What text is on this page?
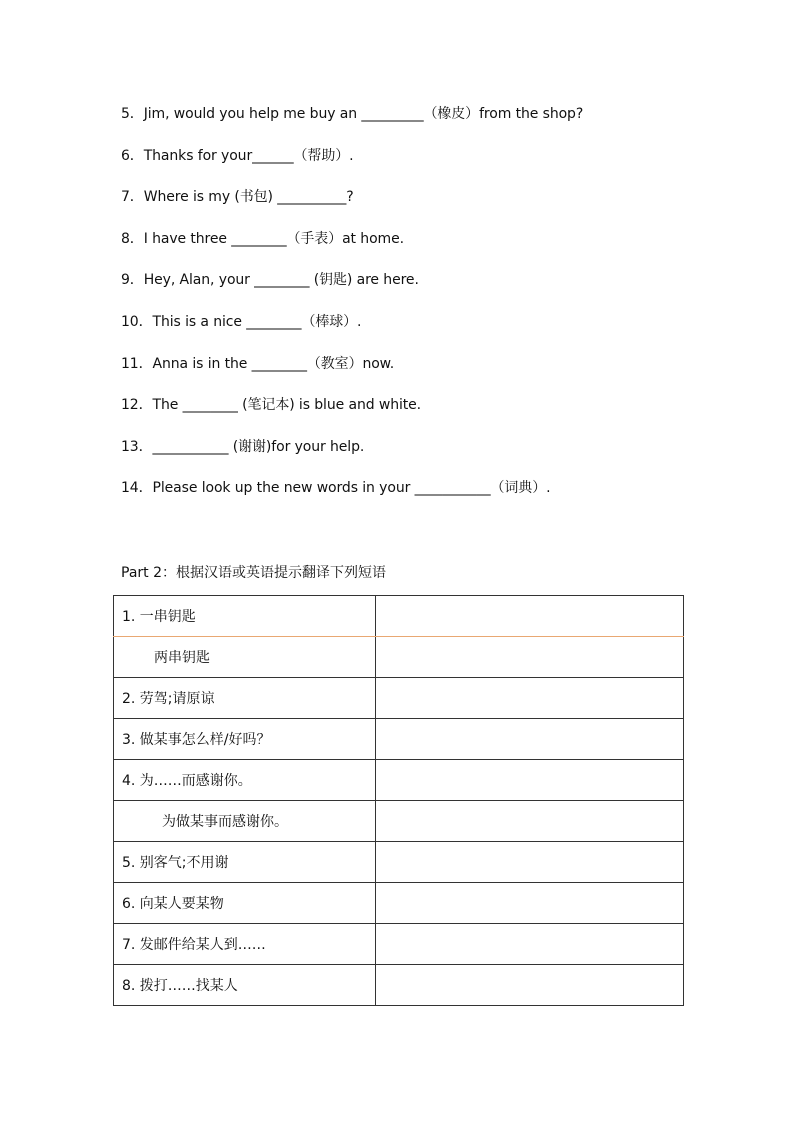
5．Jim, would you help me buy an _________（橡皮）from the shop?
6．Thanks for your______（帮助）.
7．Where is my (书包) __________?
8．I have three ________（手表）at home.
9．Hey, Alan, your ________ (钥匙) are here.
10．This is a nice ________（棒球）.
11．Anna is in the ________（教室）now.
12．The ________ (笔记本) is blue and white.
13．___________ (谢谢)for your help.
14．Please look up the new words in your ___________（词典）.
Part 2：根据汉语或英语提示翻译下列短语
1. 一串钥匙	
两串钥匙	
2. 劳驾;请原谅	
3. 做某事怎么样/好吗？	
4. 为……而感谢你。	
为做某事而感谢你。	
5. 别客气;不用谢	
6. 向某人要某物	
7. 发邮件给某人到……	
8. 拨打……找某人	
